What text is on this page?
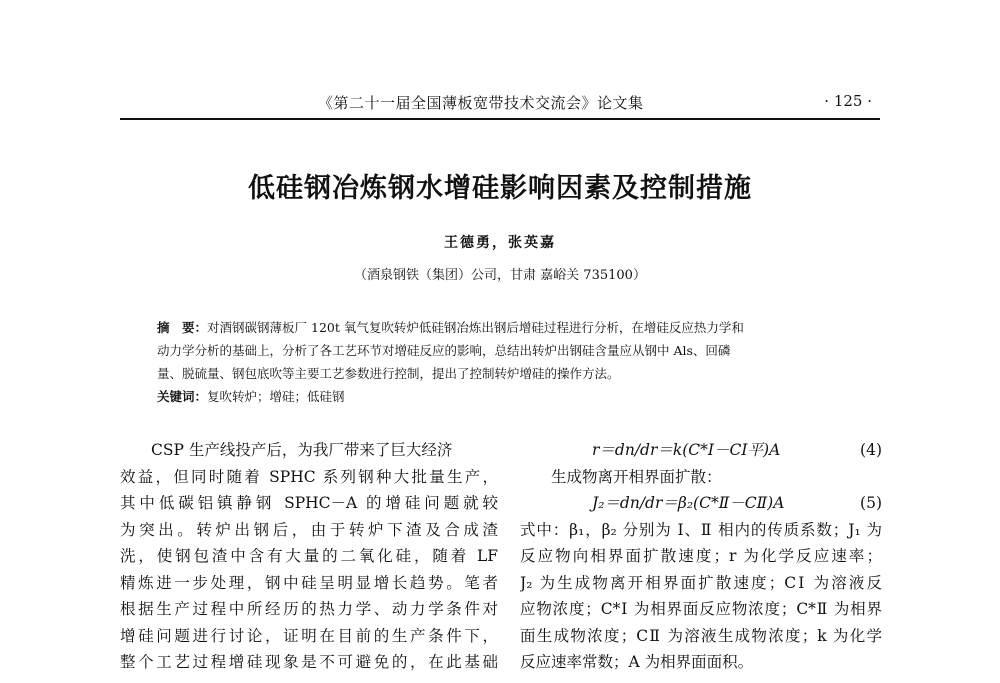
《第二十一届全国薄板宽带技术交流会》论文集	· 125 ·
低硅钢冶炼钢水增硅影响因素及控制措施
王德勇，张英嘉
（酒泉钢铁（集团）公司，甘肃 嘉峪关 735100）
摘　要：对酒钢碳钢薄板厂 120t 氧气复吹转炉低硅钢冶炼出钢后增硅过程进行分析，在增硅反应热力学和
动力学分析的基础上，分析了各工艺环节对增硅反应的影响，总结出转炉出钢硅含量应从钢中 Als、回磷
量、脱硫量、钢包底吹等主要工艺参数进行控制，提出了控制转炉增硅的操作方法。
关键词：复吹转炉；增硅；低硅钢
CSP 生产线投产后，为我厂带来了巨大经济
效益，但同时随着 SPHC 系列钢种大批量生产，
其中低碳铝镇静钢 SPHC－A 的增硅问题就较
为突出。转炉出钢后，由于转炉下渣及合成渣
洗，使钢包渣中含有大量的二氧化硅，随着 LF
精炼进一步处理，钢中硅呈明显增长趋势。笔者
根据生产过程中所经历的热力学、动力学条件对
增硅问题进行讨论，证明在目前的生产条件下，
整个工艺过程增硅现象是不可避免的，在此基础
r＝dn/dr＝k(C*Ⅰ－CⅠ平)A	(4)
生成物离开相界面扩散：
J₂＝dn/dr＝β₂(C*Ⅱ－CⅡ)A	(5)
式中：β₁，β₂ 分别为 Ⅰ、Ⅱ 相内的传质系数；J₁ 为
反应物向相界面扩散速度；r 为化学反应速率；
J₂ 为生成物离开相界面扩散速度；CⅠ 为溶液反
应物浓度；C*Ⅰ 为相界面反应物浓度；C*Ⅱ 为相界
面生成物浓度；CⅡ 为溶液生成物浓度；k 为化学
反应速率常数；A 为相界面面积。
